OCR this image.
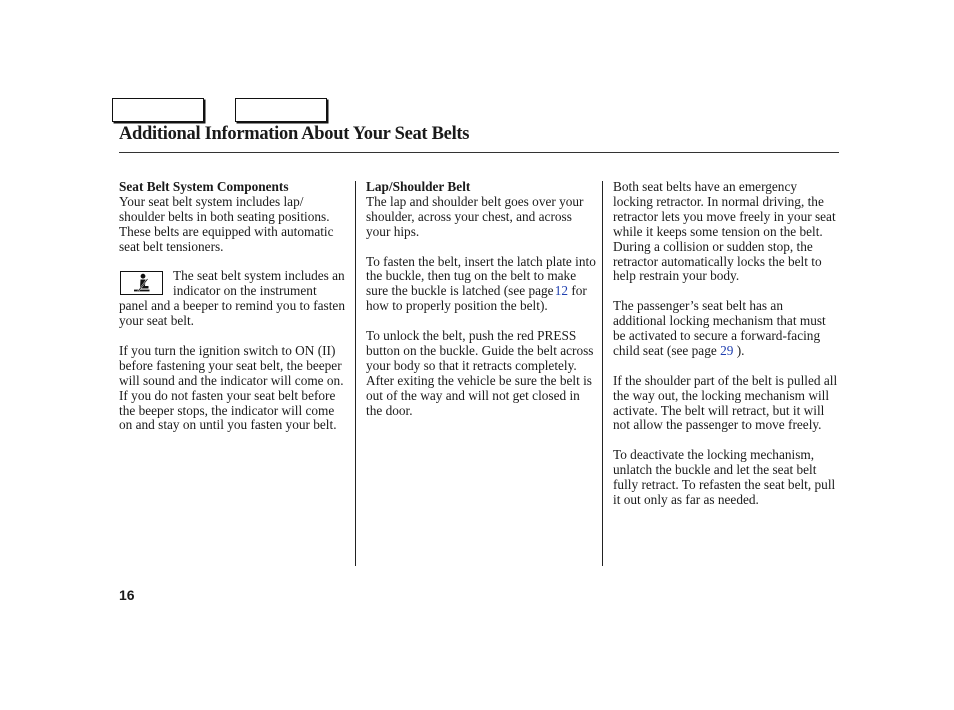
Additional Information About Your Seat Belts
Seat Belt System Components

Your seat belt system includes lap/ shoulder belts in both seating positions. These belts are equipped with automatic seat belt tensioners.

The seat belt system includes an indicator on the instrument panel and a beeper to remind you to fasten your seat belt.

If you turn the ignition switch to ON (II) before fastening your seat belt, the beeper will sound and the indicator will come on. If you do not fasten your seat belt before the beeper stops, the indicator will come on and stay on until you fasten your belt.

Lap/Shoulder Belt

The lap and shoulder belt goes over your shoulder, across your chest, and across your hips.

To fasten the belt, insert the latch plate into the buckle, then tug on the belt to make sure the buckle is latched (see page 12 for how to properly position the belt).

To unlock the belt, push the red PRESS button on the buckle. Guide the belt across your body so that it retracts completely. After exiting the vehicle be sure the belt is out of the way and will not get closed in the door.

Both seat belts have an emergency locking retractor. In normal driving, the retractor lets you move freely in your seat while it keeps some tension on the belt.

During a collision or sudden stop, the retractor automatically locks the belt to help restrain your body.

The passenger’s seat belt has an additional locking mechanism that must be activated to secure a forward-facing child seat (see page 29 ).

If the shoulder part of the belt is pulled all the way out, the locking mechanism will activate. The belt will retract, but it will not allow the passenger to move freely.

To deactivate the locking mechanism, unlatch the buckle and let the seat belt fully retract. To refasten the seat belt, pull it out only as far as needed.

16
